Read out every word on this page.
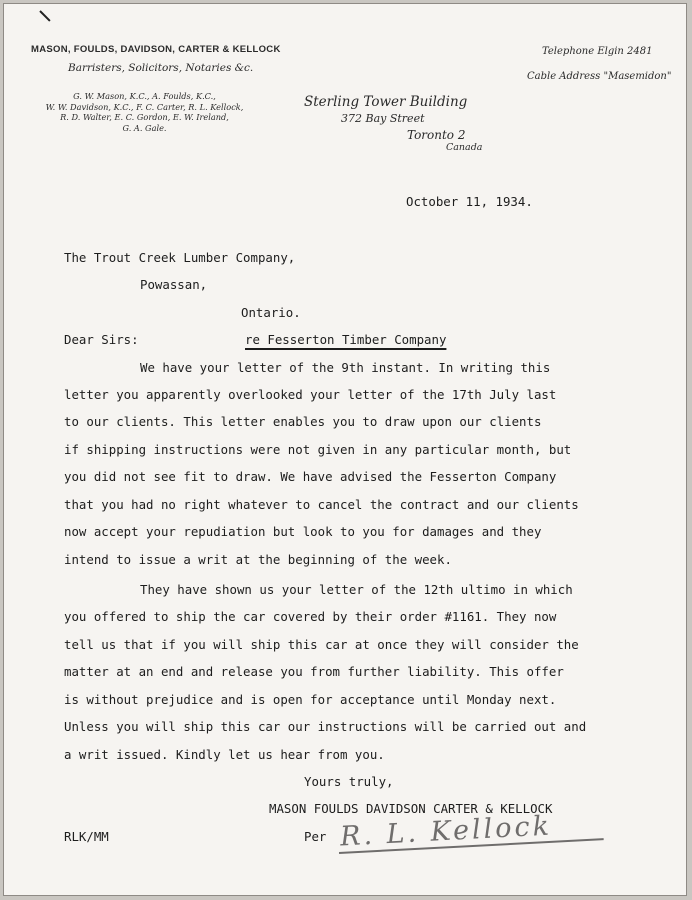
MASON, FOULDS, DAVIDSON, CARTER & KELLOCK
Barristers, Solicitors, Notaries &c.
G. W. Mason, K.C., A. Foulds, K.C.,
W. W. Davidson, K.C., F. C. Carter, R. L. Kellock,
R. D. Walter, E. C. Gordon, E. W. Ireland,
G. A. Gale.
Sterling Tower Building
372 Bay Street
Toronto 2
Canada
Telephone Elgin 2481
Cable Address "Masemidon"
October 11, 1934.
The Trout Creek Lumber Company,
Powassan,
Ontario.
Dear Sirs:	re Fesserton Timber Company
We have your letter of the 9th instant. In writing this
letter you apparently overlooked your letter of the 17th July last
to our clients. This letter enables you to draw upon our clients
if shipping instructions were not given in any particular month, but
you did not see fit to draw. We have advised the Fesserton Company
that you had no right whatever to cancel the contract and our clients
now accept your repudiation but look to you for damages and they
intend to issue a writ at the beginning of the week.
They have shown us your letter of the 12th ultimo in which
you offered to ship the car covered by their order #1161. They now
tell us that if you will ship this car at once they will consider the
matter at an end and release you from further liability. This offer
is without prejudice and is open for acceptance until Monday next.
Unless you will ship this car our instructions will be carried out and
a writ issued. Kindly let us hear from you.
Yours truly,
MASON FOULDS DAVIDSON CARTER & KELLOCK
RLK/MM	Per R. L. Kellock
